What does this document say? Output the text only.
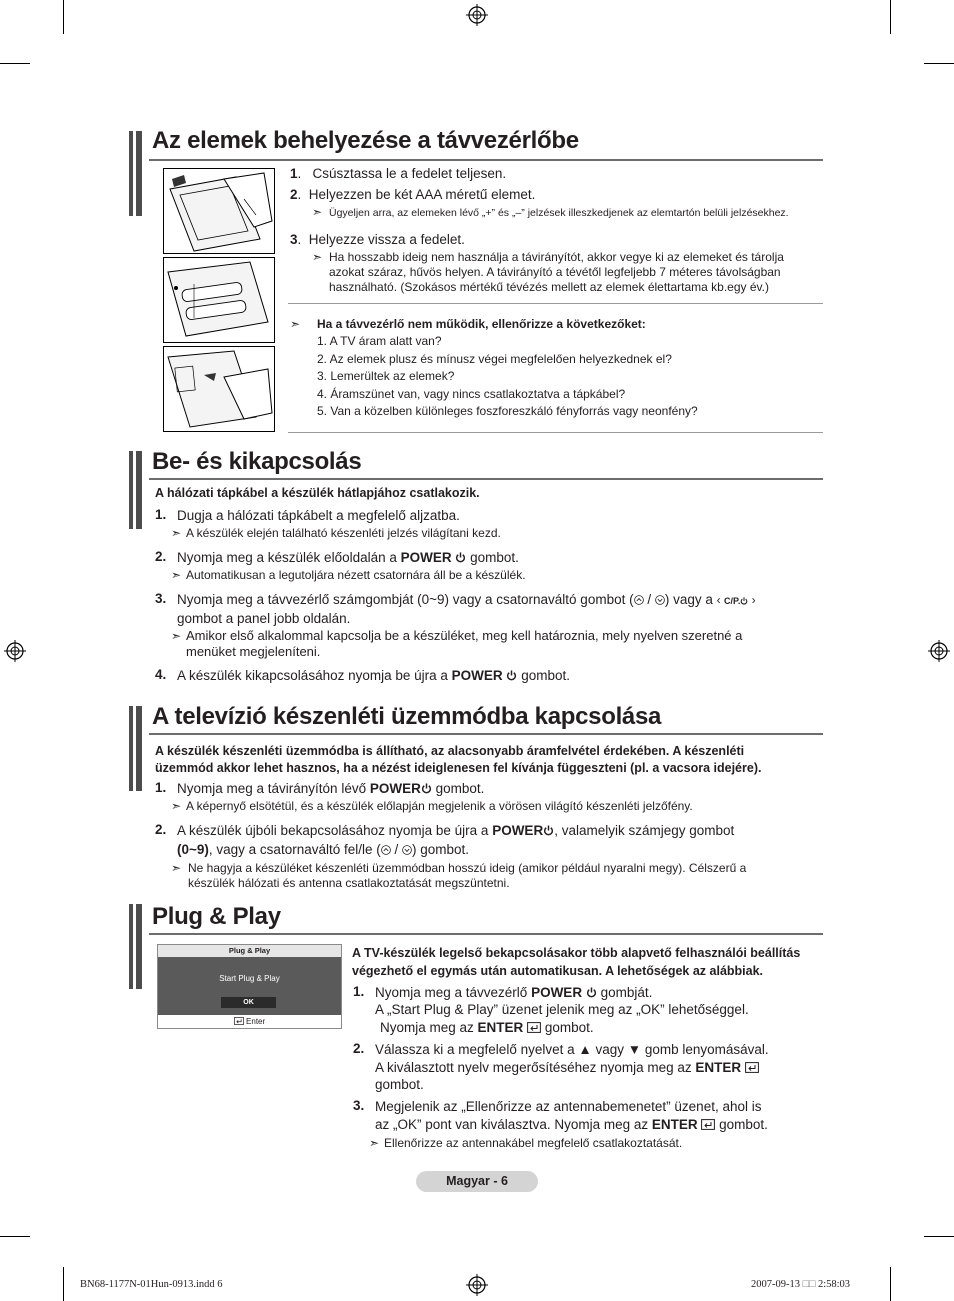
Az elemek behelyezése a távvezérlőbe
1.   Csúsztassa le a fedelet teljesen.
2.  Helyezzen be két AAA méretű elemet.
➣ Ügyeljen arra, az elemeken lévő „+” és „–” jelzések illeszkedjenek az elemtartón belüli jelzésekhez.
3.  Helyezze vissza a fedelet.
➣ Ha hosszabb ideig nem használja a távirányítót, akkor vegye ki az elemeket és tárolja
azokat száraz, hűvös helyen. A távirányító a tévétől legfeljebb 7 méteres távolságban
használható. (Szokásos mértékű tévézés mellett az elemek élettartama kb.egy év.)
➣ Ha a távvezérlő nem működik, ellenőrizze a következőket:
1. A TV áram alatt van?
2. Az elemek plusz és mínusz végei megfelelően helyezkednek el?
3. Lemerültek az elemek?
4. Áramszünet van, vagy nincs csatlakoztatva a tápkábel?
5. Van a közelben különleges foszforeszkáló fényforrás vagy neonfény?
Be- és kikapcsolás
A hálózati tápkábel a készülék hátlapjához csatlakozik.
1. Dugja a hálózati tápkábelt a megfelelő aljzatba.
➣ A készülék elején található készenléti jelzés világítani kezd.
2. Nyomja meg a készülék előoldalán a POWER  gombot.
➣ Automatikusan a legutoljára nézett csatornára áll be a készülék.
3. Nyomja meg a távvezérlő számgombját (0~9) vagy a csatornaváltó gombot ( / ) vagy a ‹ C/P. ›
gombot a panel jobb oldalán.
➣ Amikor első alkalommal kapcsolja be a készüléket, meg kell határoznia, mely nyelven szeretné a
menüket megjeleníteni.
4. A készülék kikapcsolásához nyomja be újra a POWER  gombot.
A televízió készenléti üzemmódba kapcsolása
A készülék készenléti üzemmódba is állítható, az alacsonyabb áramfelvétel érdekében. A készenléti
üzemmód akkor lehet hasznos, ha a nézést ideiglenesen fel kívánja függeszteni (pl. a vacsora idejére).
1. Nyomja meg a távirányítón lévő POWER gombot.
➣ A képernyő elsötétül, és a készülék előlapján megjelenik a vörösen világító készenléti jelzőfény.
2. A készülék újbóli bekapcsolásához nyomja be újra a POWER , valamelyik számjegy gombot
(0~9), vagy a csatornaváltó fel/le ( / ) gombot.
➣ Ne hagyja a készüléket készenléti üzemmódban hosszú ideig (amikor például nyaralni megy). Célszerű a
készülék hálózati és antenna csatlakoztatását megszüntetni.
Plug & Play
Plug & Play
Start Plug & Play
OK
Enter
A TV-készülék legelső bekapcsolásakor több alapvető felhasználói beállítás
végezhető el egymás után automatikusan. A lehetőségek az alábbiak.
1. Nyomja meg a távvezérlő POWER  gombját.
A „Start Plug & Play” üzenet jelenik meg az „OK” lehetőséggel.
Nyomja meg az ENTER  gombot.
2. Válassza ki a megfelelő nyelvet a ▲ vagy ▼ gomb lenyomásával.
A kiválasztott nyelv megerősítéséhez nyomja meg az ENTER
gombot.
3. Megjelenik az „Ellenőrizze az antennabemenetet” üzenet, ahol is
az „OK” pont van kiválasztva. Nyomja meg az ENTER  gombot.
➣ Ellenőrizze az antennakábel megfelelő csatlakoztatását.
Magyar - 6
BN68-1177N-01Hun-0913.indd 6	2007-09-13 □□ 2:58:03
